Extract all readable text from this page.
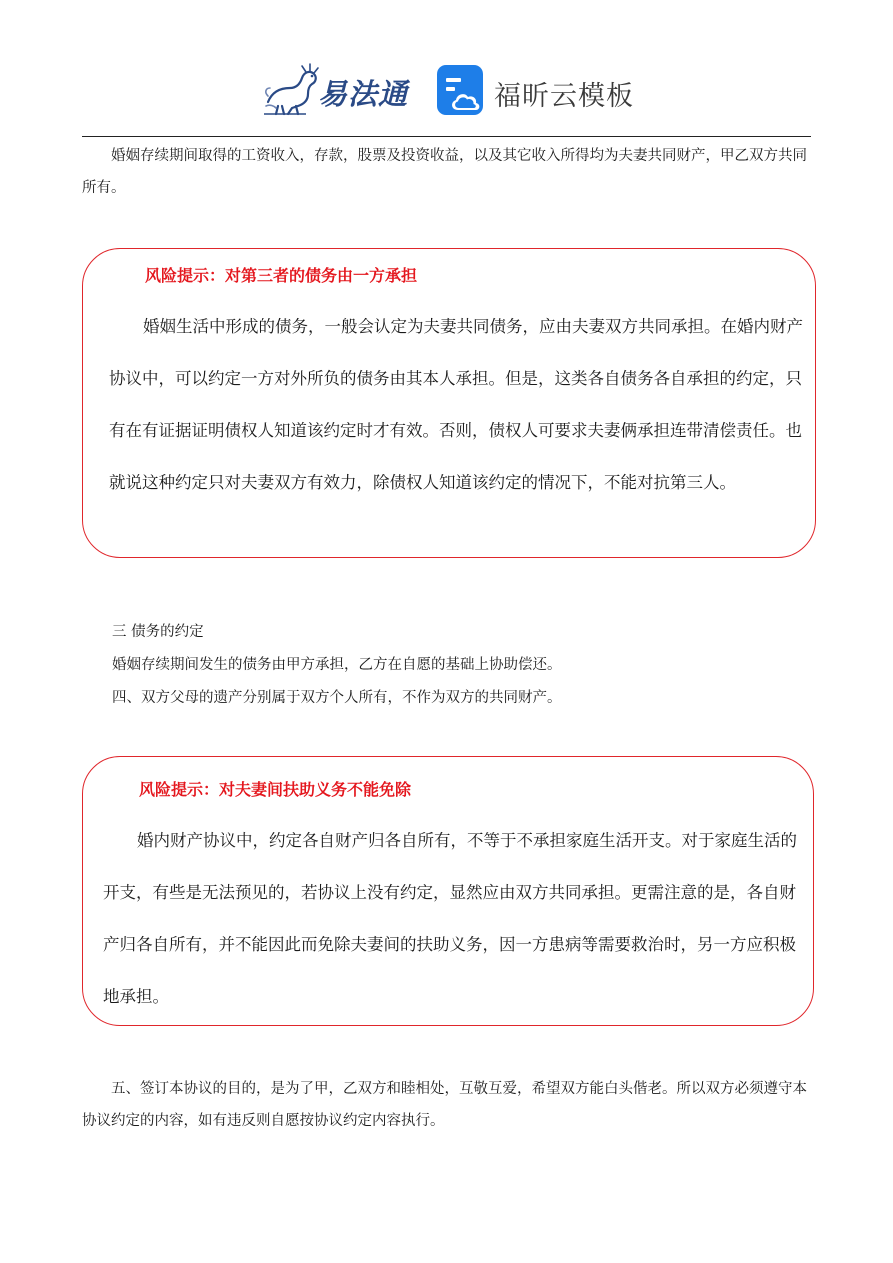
易法通	福昕云模板

婚姻存续期间取得的工资收入，存款，股票及投资收益，以及其它收入所得均为夫妻共同财产，甲乙双方共同所有。

风险提示：对第三者的债务由一方承担

婚姻生活中形成的债务，一般会认定为夫妻共同债务，应由夫妻双方共同承担。在婚内财产协议中，可以约定一方对外所负的债务由其本人承担。但是，这类各自债务各自承担的约定，只有在有证据证明债权人知道该约定时才有效。否则，债权人可要求夫妻俩承担连带清偿责任。也就说这种约定只对夫妻双方有效力，除债权人知道该约定的情况下，不能对抗第三人。

三 债务的约定

婚姻存续期间发生的债务由甲方承担，乙方在自愿的基础上协助偿还。

四、双方父母的遗产分别属于双方个人所有，不作为双方的共同财产。

风险提示：对夫妻间扶助义务不能免除

婚内财产协议中，约定各自财产归各自所有，不等于不承担家庭生活开支。对于家庭生活的开支，有些是无法预见的，若协议上没有约定，显然应由双方共同承担。更需注意的是，各自财产归各自所有，并不能因此而免除夫妻间的扶助义务，因一方患病等需要救治时，另一方应积极地承担。

五、签订本协议的目的，是为了甲，乙双方和睦相处，互敬互爱，希望双方能白头偕老。所以双方必须遵守本协议约定的内容，如有违反则自愿按协议约定内容执行。
